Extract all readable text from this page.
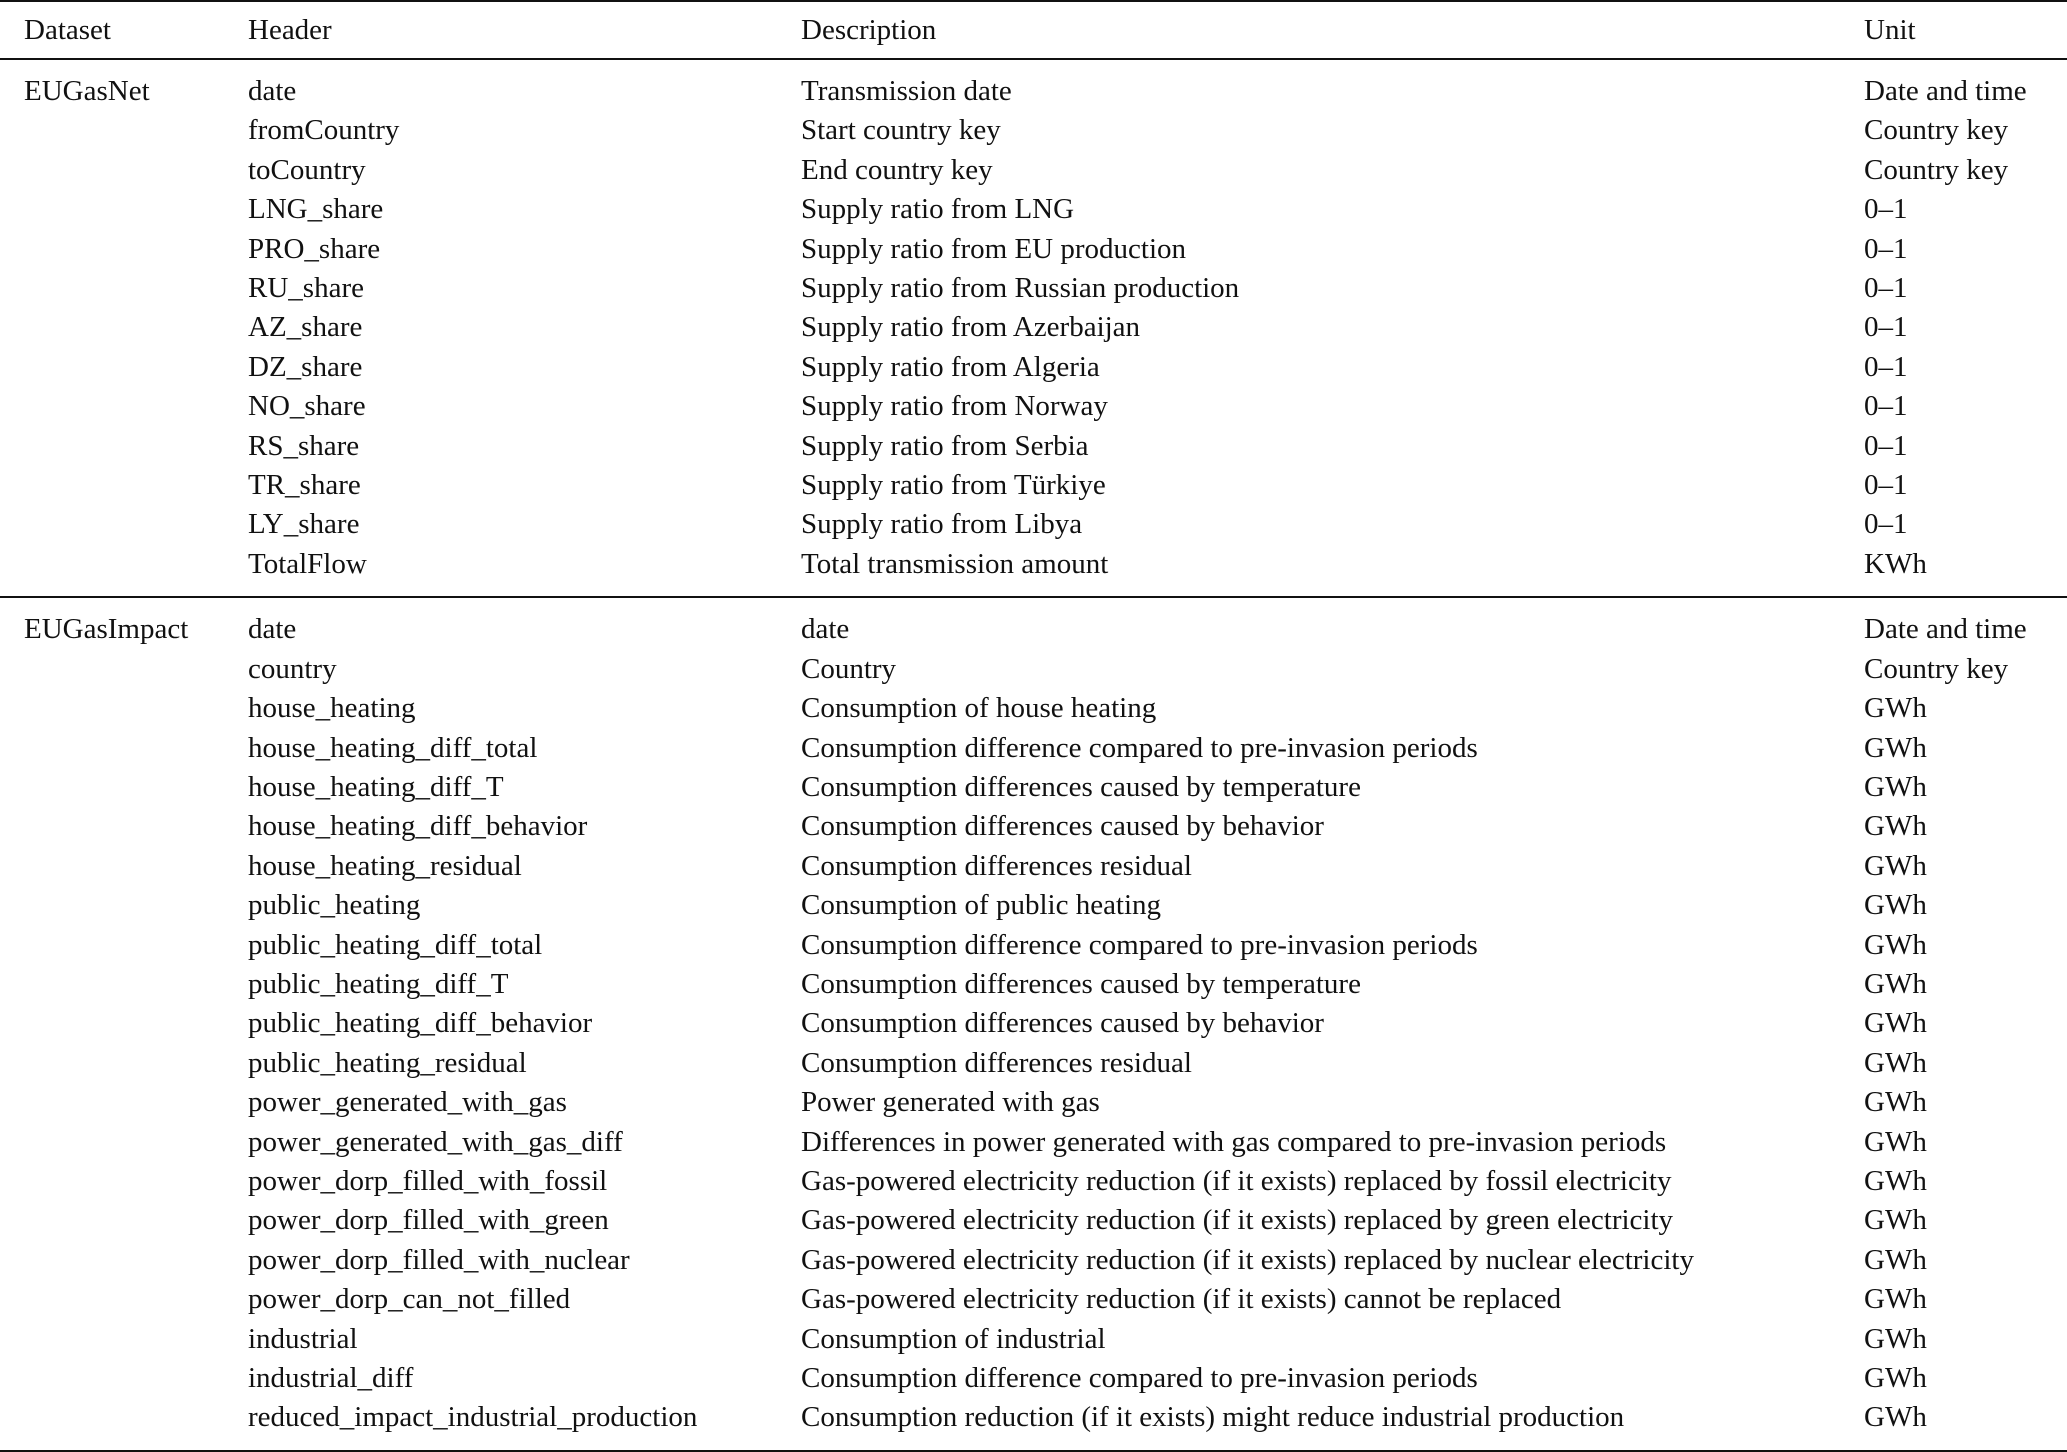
Dataset	Header	Description	Unit
EUGasNet	date	Transmission date	Date and time
	fromCountry	Start country key	Country key
	toCountry	End country key	Country key
	LNG_share	Supply ratio from LNG	0–1
	PRO_share	Supply ratio from EU production	0–1
	RU_share	Supply ratio from Russian production	0–1
	AZ_share	Supply ratio from Azerbaijan	0–1
	DZ_share	Supply ratio from Algeria	0–1
	NO_share	Supply ratio from Norway	0–1
	RS_share	Supply ratio from Serbia	0–1
	TR_share	Supply ratio from Türkiye	0–1
	LY_share	Supply ratio from Libya	0–1
	TotalFlow	Total transmission amount	KWh
EUGasImpact	date	date	Date and time
	country	Country	Country key
	house_heating	Consumption of house heating	GWh
	house_heating_diff_total	Consumption difference compared to pre-invasion periods	GWh
	house_heating_diff_T	Consumption differences caused by temperature	GWh
	house_heating_diff_behavior	Consumption differences caused by behavior	GWh
	house_heating_residual	Consumption differences residual	GWh
	public_heating	Consumption of public heating	GWh
	public_heating_diff_total	Consumption difference compared to pre-invasion periods	GWh
	public_heating_diff_T	Consumption differences caused by temperature	GWh
	public_heating_diff_behavior	Consumption differences caused by behavior	GWh
	public_heating_residual	Consumption differences residual	GWh
	power_generated_with_gas	Power generated with gas	GWh
	power_generated_with_gas_diff	Differences in power generated with gas compared to pre-invasion periods	GWh
	power_dorp_filled_with_fossil	Gas-powered electricity reduction (if it exists) replaced by fossil electricity	GWh
	power_dorp_filled_with_green	Gas-powered electricity reduction (if it exists) replaced by green electricity	GWh
	power_dorp_filled_with_nuclear	Gas-powered electricity reduction (if it exists) replaced by nuclear electricity	GWh
	power_dorp_can_not_filled	Gas-powered electricity reduction (if it exists) cannot be replaced	GWh
	industrial	Consumption of industrial	GWh
	industrial_diff	Consumption difference compared to pre-invasion periods	GWh
	reduced_impact_industrial_production	Consumption reduction (if it exists) might reduce industrial production	GWh
